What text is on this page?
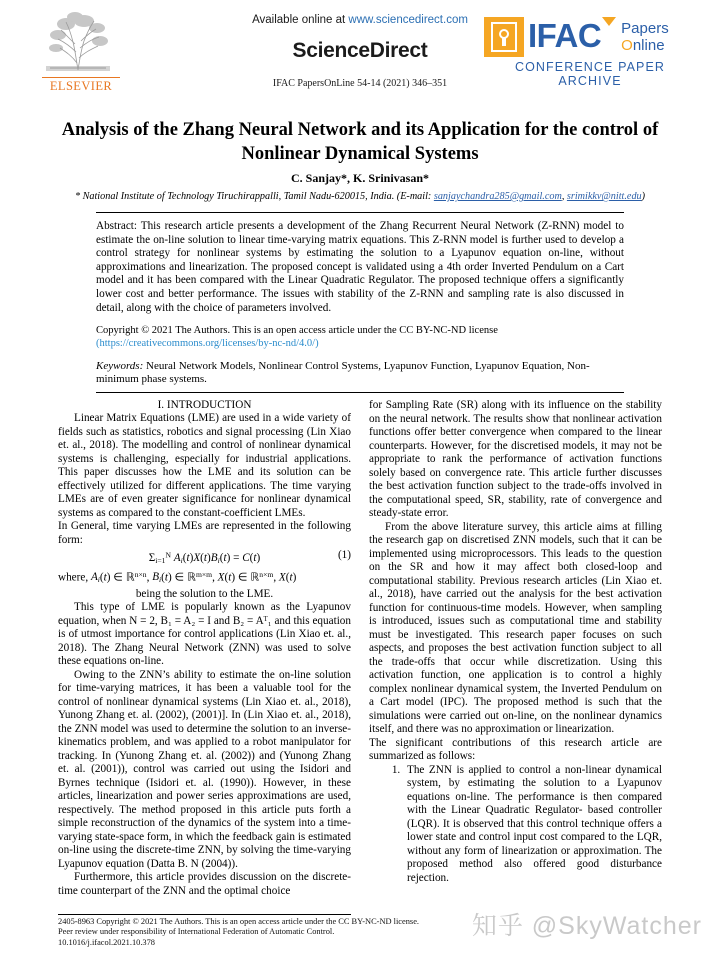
ELSEVIER
Available online at www.sciencedirect.com
ScienceDirect
IFAC PapersOnLine 54-14 (2021) 346–351
IFAC Papers
Online
CONFERENCE PAPER ARCHIVE
Analysis of the Zhang Neural Network and its Application for the control of
Nonlinear Dynamical Systems
C. Sanjay*, K. Srinivasan*
* National Institute of Technology Tiruchirappalli, Tamil Nadu-620015, India. (E-mail: sanjaychandra285@gmail.com, srimikkv@nitt.edu)

Abstract: This research article presents a development of the Zhang Recurrent Neural Network (Z-RNN) model to estimate the on-line solution to linear time-varying matrix equations. This Z-RNN model is further used to develop a control strategy for nonlinear systems by estimating the solution to a Lyapunov equation on-line, without approximations and linearization. The proposed concept is validated using a 4th order Inverted Pendulum on a Cart model and it has been compared with the Linear Quadratic Regulator. The proposed technique offers a significantly lower cost and better performance. The issues with stability of the Z-RNN and sampling rate is also discussed in detail, along with the choice of parameters involved.

Copyright © 2021 The Authors. This is an open access article under the CC BY-NC-ND license
(https://creativecommons.org/licenses/by-nc-nd/4.0/)

Keywords: Neural Network Models, Nonlinear Control Systems, Lyapunov Function, Lyapunov Equation, Non-minimum phase systems.

I. INTRODUCTION

Linear Matrix Equations (LME) are used in a wide variety of fields such as statistics, robotics and signal processing (Lin Xiao et. al., 2018). The modelling and control of nonlinear dynamical systems is challenging, especially for industrial applications. This paper discusses how the LME and its solution can be effectively utilized for different applications. The time varying LMEs are of even greater significance for nonlinear dynamical systems as compared to the constant-coefficient LMEs.

In General, time varying LMEs are represented in the following form:

$\Sigma_{i=1}^N$ $A_i(t)X(t)B_i(t) = C(t)$	(1)

where, $A_i(t)$ ∈ ℝ$^{n\times n}$, $B_i(t)$ ∈ ℝ$^{m\times m}$, X(t) ∈ ℝ$^{n\times m}$, X(t)

being the solution to the LME.

This type of LME is popularly known as the Lyapunov equation, when N = 2, B₁ = A₂ = I and B₂ = Aᵀ₁ and this equation is of utmost importance for control applications (Lin Xiao et. al., 2018). The Zhang Neural Network (ZNN) was used to solve these equations on-line.

Owing to the ZNN’s ability to estimate the on-line solution for time-varying matrices, it has been a valuable tool for the control of nonlinear dynamical systems (Lin Xiao et. al., 2018), Yunong Zhang et. al. (2002), (2001)]. In (Lin Xiao et. al., 2018), the ZNN model was used to determine the solution to an inverse-kinematics problem, and was applied to a robot manipulator for tracking. In (Yunong Zhang et. al. (2002)) and (Yunong Zhang et. al. (2001)), control was carried out using the Isidori and Byrnes technique (Isidori et. al. (1990)). However, in these articles, linearization and power series approximations are used, respectively. The method proposed in this article puts forth a simple reconstruction of the dynamics of the system into a time-varying state-space form, in which the feedback gain is estimated on-line using the discrete-time ZNN, by solving the time-varying Lyapunov equation (Datta B. N (2004)).

Furthermore, this article provides discussion on the discrete-time counterpart of the ZNN and the optimal choice

for Sampling Rate (SR) along with its influence on the stability on the neural network. The results show that nonlinear activation functions offer better convergence when compared to the linear counterparts. However, for the discretised models, it may not be appropriate to rank the performance of activation functions solely based on convergence rate. This article further discusses the best activation function subject to the trade-offs involved in the computational speed, SR, stability, rate of convergence and steady-state error.

From the above literature survey, this article aims at filling the research gap on discretised ZNN models, such that it can be implemented using microprocessors. This leads to the question on the SR and how it may affect both closed-loop and computational stability. Previous research articles (Lin Xiao et. al., 2018), have carried out the analysis for the best activation function for continuous-time models. However, when sampling is introduced, issues such as computational time and stability must be investigated. This research paper focuses on such aspects, and proposes the best activation function subject to all the trade-offs that occur while discretization. Using this activation function, one application is to control a highly complex nonlinear dynamical system, the Inverted Pendulum on a Cart model (IPC). The proposed method is such that the simulations were carried out on-line, on the nonlinear dynamics itself, and there was no approximation or linearization.

The significant contributions of this research article are summarized as follows:

1. The ZNN is applied to control a non-linear dynamical system, by estimating the solution to a Lyapunov equations on-line. The performance is then compared with the Linear Quadratic Regulator- based controller (LQR). It is observed that this control technique offers a lower state and control input cost compared to the LQR, without any form of linearization or approximation. The proposed method also offered good disturbance rejection.
2405-8963 Copyright © 2021 The Authors. This is an open access article under the CC BY-NC-ND license.
Peer review under responsibility of International Federation of Automatic Control.
10.1016/j.ifacol.2021.10.378
知乎 @SkyWatcher
